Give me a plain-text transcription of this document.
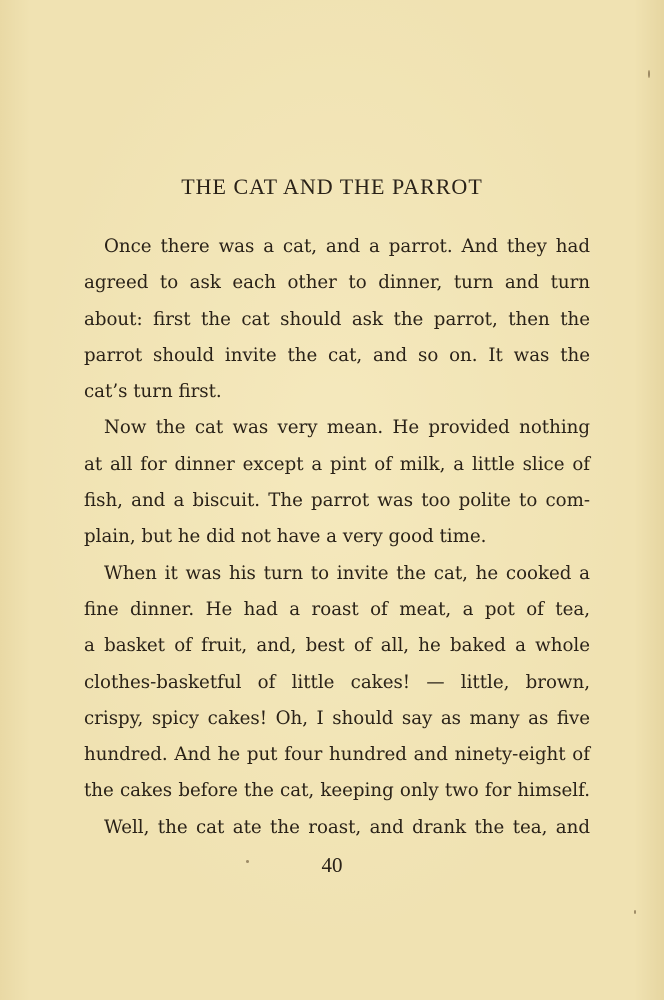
THE CAT AND THE PARROT
Once there was a cat, and a parrot. And they had
agreed to ask each other to dinner, turn and turn
about: first the cat should ask the parrot, then the
parrot should invite the cat, and so on. It was the
cat’s turn first.
Now the cat was very mean. He provided nothing
at all for dinner except a pint of milk, a little slice of
fish, and a biscuit. The parrot was too polite to com-
plain, but he did not have a very good time.
When it was his turn to invite the cat, he cooked a
fine dinner. He had a roast of meat, a pot of tea,
a basket of fruit, and, best of all, he baked a whole
clothes-basketful of little cakes! — little, brown,
crispy, spicy cakes! Oh, I should say as many as five
hundred. And he put four hundred and ninety-eight of
the cakes before the cat, keeping only two for himself.
Well, the cat ate the roast, and drank the tea, and
40
